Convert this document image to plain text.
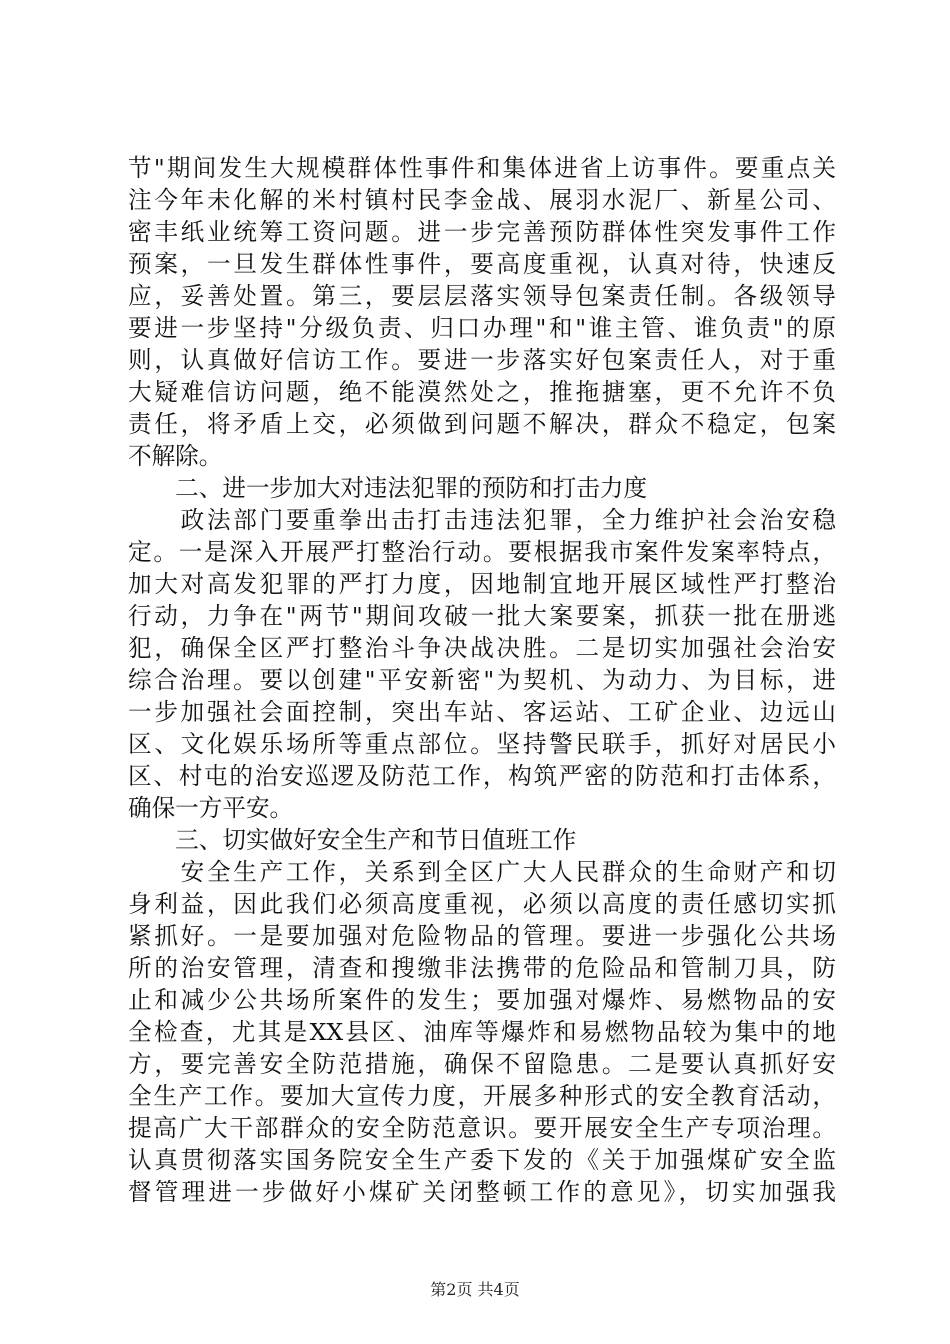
节"期间发生大规模群体性事件和集体进省上访事件。要重点关
注今年未化解的米村镇村民李金战、展羽水泥厂、新星公司、
密丰纸业统筹工资问题。进一步完善预防群体性突发事件工作
预案，一旦发生群体性事件，要高度重视，认真对待，快速反
应，妥善处置。第三，要层层落实领导包案责任制。各级领导
要进一步坚持"分级负责、归口办理"和"谁主管、谁负责"的原
则，认真做好信访工作。要进一步落实好包案责任人，对于重
大疑难信访问题，绝不能漠然处之，推拖搪塞，更不允许不负
责任，将矛盾上交，必须做到问题不解决，群众不稳定，包案
不解除。
　　二、进一步加大对违法犯罪的预防和打击力度
　　政法部门要重拳出击打击违法犯罪，全力维护社会治安稳
定。一是深入开展严打整治行动。要根据我市案件发案率特点，
加大对高发犯罪的严打力度，因地制宜地开展区域性严打整治
行动，力争在"两节"期间攻破一批大案要案，抓获一批在册逃
犯，确保全区严打整治斗争决战决胜。二是切实加强社会治安
综合治理。要以创建"平安新密"为契机、为动力、为目标，进
一步加强社会面控制，突出车站、客运站、工矿企业、边远山
区、文化娱乐场所等重点部位。坚持警民联手，抓好对居民小
区、村屯的治安巡逻及防范工作，构筑严密的防范和打击体系，
确保一方平安。
　　三、切实做好安全生产和节日值班工作
　　安全生产工作，关系到全区广大人民群众的生命财产和切
身利益，因此我们必须高度重视，必须以高度的责任感切实抓
紧抓好。一是要加强对危险物品的管理。要进一步强化公共场
所的治安管理，清查和搜缴非法携带的危险品和管制刀具，防
止和减少公共场所案件的发生；要加强对爆炸、易燃物品的安
全检查，尤其是XX县区、油库等爆炸和易燃物品较为集中的地
方，要完善安全防范措施，确保不留隐患。二是要认真抓好安
全生产工作。要加大宣传力度，开展多种形式的安全教育活动，
提高广大干部群众的安全防范意识。要开展安全生产专项治理。
认真贯彻落实国务院安全生产委下发的《关于加强煤矿安全监
督管理进一步做好小煤矿关闭整顿工作的意见》，切实加强我
第2页 共4页
